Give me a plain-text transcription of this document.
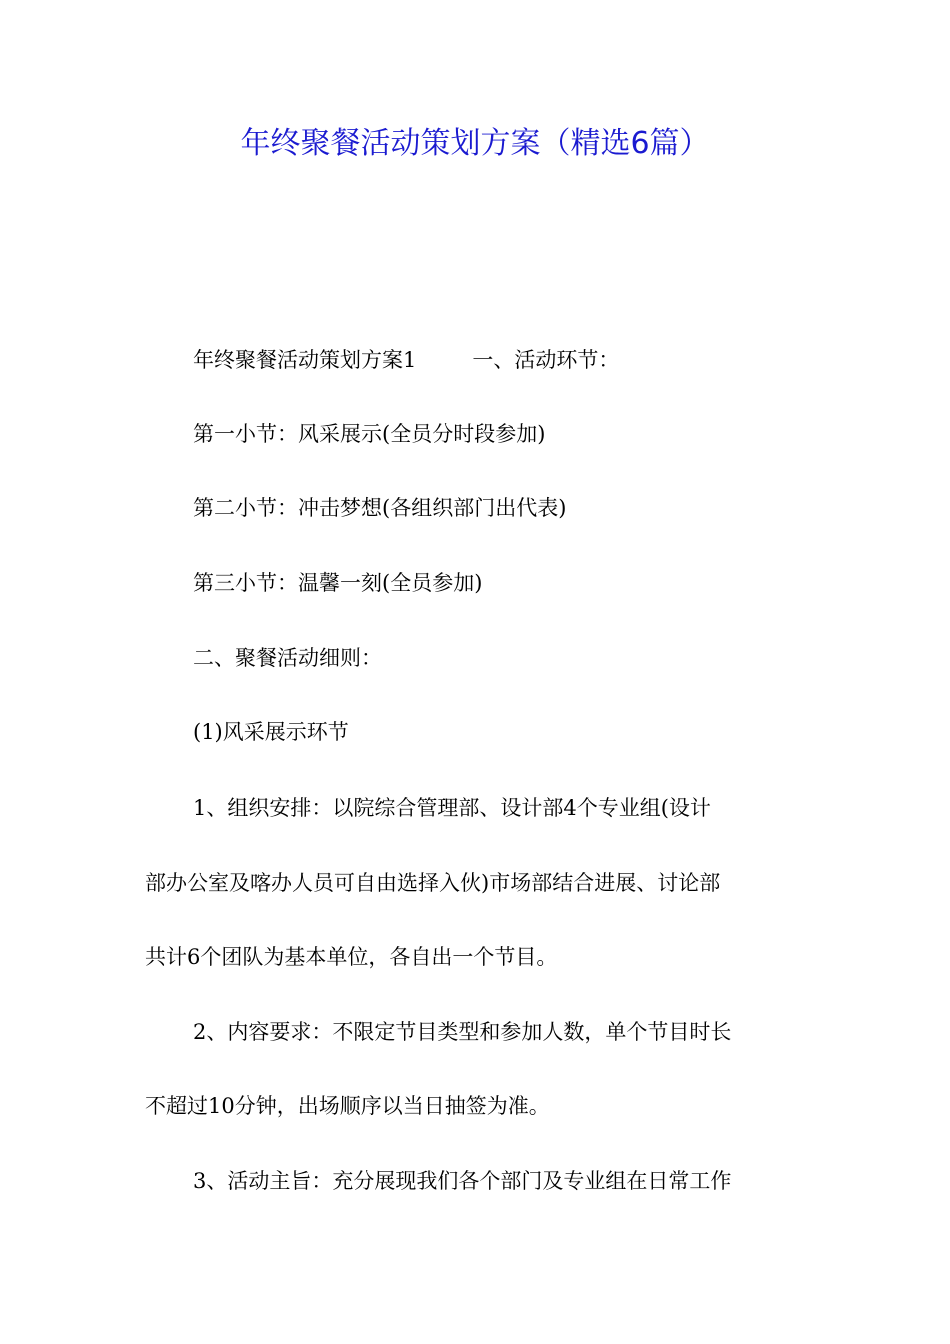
年终聚餐活动策划方案（精选6篇）
年终聚餐活动策划方案1	一、活动环节：
第一小节：风采展示(全员分时段参加)
第二小节：冲击梦想(各组织部门出代表)
第三小节：温馨一刻(全员参加)
二、聚餐活动细则：
(1)风采展示环节
1、组织安排：以院综合管理部、设计部4个专业组(设计
部办公室及喀办人员可自由选择入伙)市场部结合进展、讨论部
共计6个团队为基本单位，各自出一个节目。
2、内容要求：不限定节目类型和参加人数，单个节目时长
不超过10分钟，出场顺序以当日抽签为准。
3、活动主旨：充分展现我们各个部门及专业组在日常工作
